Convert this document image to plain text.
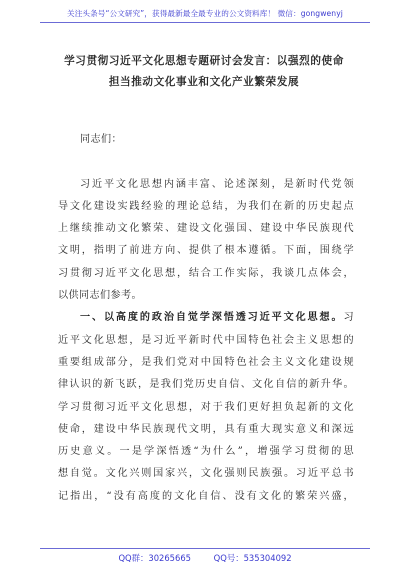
关注头条号“公文研究”，获得最新最全最专业的公文资料库！ 微信：gongwenyj
学习贯彻习近平文化思想专题研讨会发言：以强烈的使命
担当推动文化事业和文化产业繁荣发展
同志们：
习近平文化思想内涵丰富、论述深刻，是新时代党领
导文化建设实践经验的理论总结，为我们在新的历史起点
上继续推动文化繁荣、建设文化强国、建设中华民族现代
文明，指明了前进方向、提供了根本遵循。下面，围绕学
习贯彻习近平文化思想，结合工作实际，我谈几点体会，
以供同志们参考。
一、以高度的政治自觉学深悟透习近平文化思想。习
近平文化思想，是习近平新时代中国特色社会主义思想的
重要组成部分，是我们党对中国特色社会主义文化建设规
律认识的新飞跃，是我们党历史自信、文化自信的新升华。
学习贯彻习近平文化思想，对于我们更好担负起新的文化
使命，建设中华民族现代文明，具有重大现实意义和深远
历史意义。一是学深悟透“为什么”，增强学习贯彻的思
想自觉。文化兴则国家兴，文化强则民族强。习近平总书
记指出，“没有高度的文化自信、没有文化的繁荣兴盛，
QQ群：30265665	QQ号：535304092
